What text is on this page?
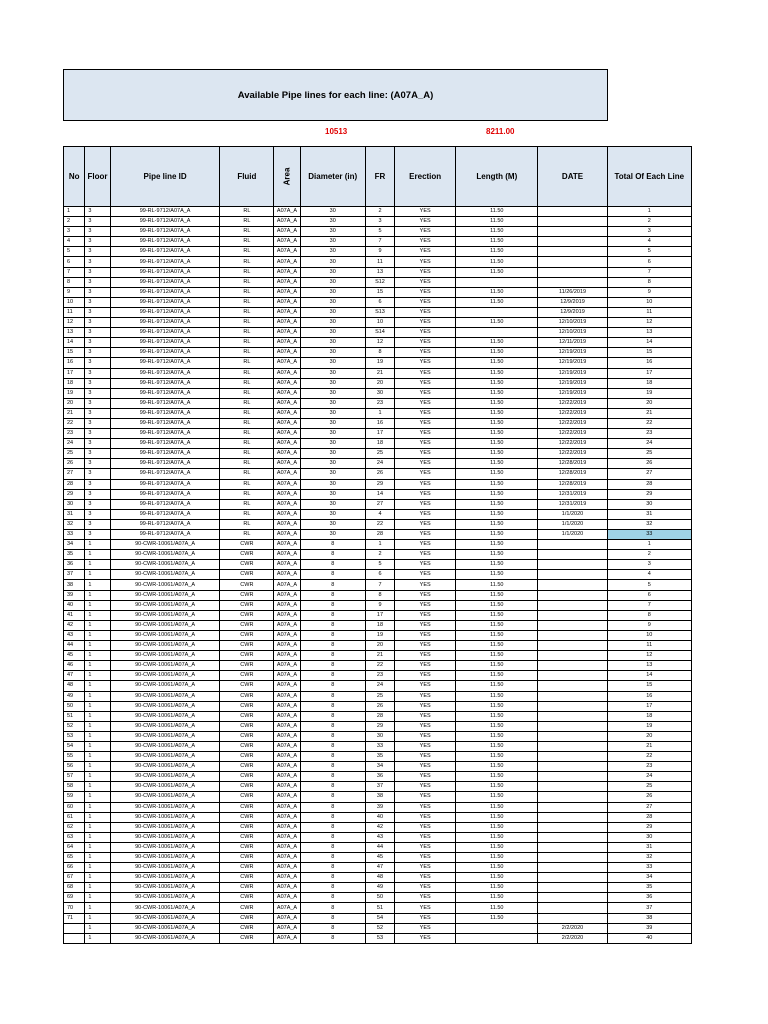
Available Pipe lines for each line: (A07A_A)
10513	8211.00
No	Floor	Pipe line ID	Fluid	Area	Diameter (in)	FR	Erection	Length (M)	DATE	Total Of Each Line
1	3	99-RL-9712/A07A_A	RL	A07A_A	30	2	YES	11.50		1
2	3	99-RL-9712/A07A_A	RL	A07A_A	30	3	YES	11.50		2
3	3	99-RL-9712/A07A_A	RL	A07A_A	30	5	YES	11.50		3
4	3	99-RL-9712/A07A_A	RL	A07A_A	30	7	YES	11.50		4
5	3	99-RL-9712/A07A_A	RL	A07A_A	30	9	YES	11.50		5
6	3	99-RL-9712/A07A_A	RL	A07A_A	30	11	YES	11.50		6
7	3	99-RL-9712/A07A_A	RL	A07A_A	30	13	YES	11.50		7
8	3	99-RL-9712/A07A_A	RL	A07A_A	30	S12	YES			8
9	3	99-RL-9712/A07A_A	RL	A07A_A	30	15	YES	11.50	11/26/2019	9
10	3	99-RL-9712/A07A_A	RL	A07A_A	30	6	YES	11.50	12/9/2019	10
11	3	99-RL-9712/A07A_A	RL	A07A_A	30	S13	YES		12/9/2019	11
12	3	99-RL-9712/A07A_A	RL	A07A_A	30	10	YES	11.50	12/10/2019	12
13	3	99-RL-9712/A07A_A	RL	A07A_A	30	S14	YES		12/10/2019	13
14	3	99-RL-9712/A07A_A	RL	A07A_A	30	12	YES	11.50	12/11/2019	14
15	3	99-RL-9712/A07A_A	RL	A07A_A	30	8	YES	11.50	12/19/2019	15
16	3	99-RL-9712/A07A_A	RL	A07A_A	30	19	YES	11.50	12/19/2019	16
17	3	99-RL-9712/A07A_A	RL	A07A_A	30	21	YES	11.50	12/19/2019	17
18	3	99-RL-9712/A07A_A	RL	A07A_A	30	20	YES	11.50	12/19/2019	18
19	3	99-RL-9712/A07A_A	RL	A07A_A	30	30	YES	11.50	12/19/2019	19
20	3	99-RL-9712/A07A_A	RL	A07A_A	30	23	YES	11.50	12/22/2019	20
21	3	99-RL-9712/A07A_A	RL	A07A_A	30	1	YES	11.50	12/22/2019	21
22	3	99-RL-9712/A07A_A	RL	A07A_A	30	16	YES	11.50	12/22/2019	22
23	3	99-RL-9712/A07A_A	RL	A07A_A	30	17	YES	11.50	12/22/2019	23
24	3	99-RL-9712/A07A_A	RL	A07A_A	30	18	YES	11.50	12/22/2019	24
25	3	99-RL-9712/A07A_A	RL	A07A_A	30	25	YES	11.50	12/22/2019	25
26	3	99-RL-9712/A07A_A	RL	A07A_A	30	24	YES	11.50	12/28/2019	26
27	3	99-RL-9712/A07A_A	RL	A07A_A	30	26	YES	11.50	12/28/2019	27
28	3	99-RL-9712/A07A_A	RL	A07A_A	30	29	YES	11.50	12/28/2019	28
29	3	99-RL-9712/A07A_A	RL	A07A_A	30	14	YES	11.50	12/31/2019	29
30	3	99-RL-9712/A07A_A	RL	A07A_A	30	27	YES	11.50	12/31/2019	30
31	3	99-RL-9712/A07A_A	RL	A07A_A	30	4	YES	11.50	1/1/2020	31
32	3	99-RL-9712/A07A_A	RL	A07A_A	30	22	YES	11.50	1/1/2020	32
33	3	99-RL-9712/A07A_A	RL	A07A_A	30	28	YES	11.50	1/1/2020	33
34	1	90-CWR-10061/A07A_A	CWR	A07A_A	8	1	YES	11.50		1
35	1	90-CWR-10061/A07A_A	CWR	A07A_A	8	2	YES	11.50		2
36	1	90-CWR-10061/A07A_A	CWR	A07A_A	8	5	YES	11.50		3
37	1	90-CWR-10061/A07A_A	CWR	A07A_A	8	6	YES	11.50		4
38	1	90-CWR-10061/A07A_A	CWR	A07A_A	8	7	YES	11.50		5
39	1	90-CWR-10061/A07A_A	CWR	A07A_A	8	8	YES	11.50		6
40	1	90-CWR-10061/A07A_A	CWR	A07A_A	8	9	YES	11.50		7
41	1	90-CWR-10061/A07A_A	CWR	A07A_A	8	17	YES	11.50		8
42	1	90-CWR-10061/A07A_A	CWR	A07A_A	8	18	YES	11.50		9
43	1	90-CWR-10061/A07A_A	CWR	A07A_A	8	19	YES	11.50		10
44	1	90-CWR-10061/A07A_A	CWR	A07A_A	8	20	YES	11.50		11
45	1	90-CWR-10061/A07A_A	CWR	A07A_A	8	21	YES	11.50		12
46	1	90-CWR-10061/A07A_A	CWR	A07A_A	8	22	YES	11.50		13
47	1	90-CWR-10061/A07A_A	CWR	A07A_A	8	23	YES	11.50		14
48	1	90-CWR-10061/A07A_A	CWR	A07A_A	8	24	YES	11.50		15
49	1	90-CWR-10061/A07A_A	CWR	A07A_A	8	25	YES	11.50		16
50	1	90-CWR-10061/A07A_A	CWR	A07A_A	8	26	YES	11.50		17
51	1	90-CWR-10061/A07A_A	CWR	A07A_A	8	28	YES	11.50		18
52	1	90-CWR-10061/A07A_A	CWR	A07A_A	8	29	YES	11.50		19
53	1	90-CWR-10061/A07A_A	CWR	A07A_A	8	30	YES	11.50		20
54	1	90-CWR-10061/A07A_A	CWR	A07A_A	8	33	YES	11.50		21
55	1	90-CWR-10061/A07A_A	CWR	A07A_A	8	35	YES	11.50		22
56	1	90-CWR-10061/A07A_A	CWR	A07A_A	8	34	YES	11.50		23
57	1	90-CWR-10061/A07A_A	CWR	A07A_A	8	36	YES	11.50		24
58	1	90-CWR-10061/A07A_A	CWR	A07A_A	8	37	YES	11.50		25
59	1	90-CWR-10061/A07A_A	CWR	A07A_A	8	38	YES	11.50		26
60	1	90-CWR-10061/A07A_A	CWR	A07A_A	8	39	YES	11.50		27
61	1	90-CWR-10061/A07A_A	CWR	A07A_A	8	40	YES	11.50		28
62	1	90-CWR-10061/A07A_A	CWR	A07A_A	8	42	YES	11.50		29
63	1	90-CWR-10061/A07A_A	CWR	A07A_A	8	43	YES	11.50		30
64	1	90-CWR-10061/A07A_A	CWR	A07A_A	8	44	YES	11.50		31
65	1	90-CWR-10061/A07A_A	CWR	A07A_A	8	45	YES	11.50		32
66	1	90-CWR-10061/A07A_A	CWR	A07A_A	8	47	YES	11.50		33
67	1	90-CWR-10061/A07A_A	CWR	A07A_A	8	48	YES	11.50		34
68	1	90-CWR-10061/A07A_A	CWR	A07A_A	8	49	YES	11.50		35
69	1	90-CWR-10061/A07A_A	CWR	A07A_A	8	50	YES	11.50		36
70	1	90-CWR-10061/A07A_A	CWR	A07A_A	8	51	YES	11.50		37
71	1	90-CWR-10061/A07A_A	CWR	A07A_A	8	54	YES	11.50		38
	1	90-CWR-10061/A07A_A	CWR	A07A_A	8	52	YES		2/2/2020	39
	1	90-CWR-10061/A07A_A	CWR	A07A_A	8	53	YES		2/2/2020	40
